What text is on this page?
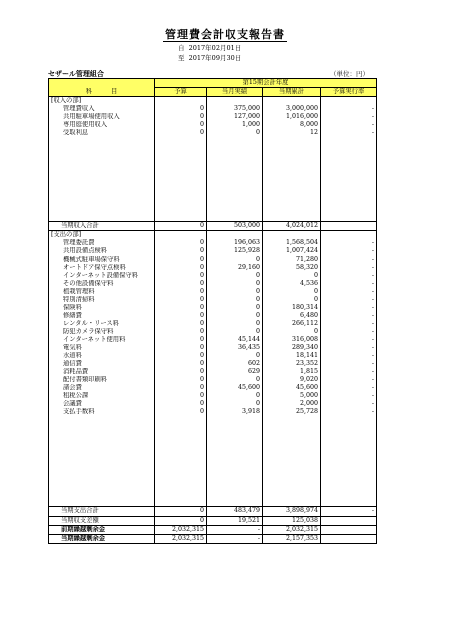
管理費会計収支報告書
自 2017年02月01日
至 2017年09月30日
セザール管理組合	（単位：円）
	第15期会計年度			
科　　　目	予算	当月実績	当期累計	予算実行率
[収入の部]				
管理費収入	0	375,000	3,000,000	-
共用駐車場使用収入	0	127,000	1,016,000	-
専用庭使用収入	0	1,000	8,000	-
受取利息	0	0	12	-

当期収入合計	0	503,000	4,024,012	
[支出の部]				
管理委託費	0	196,063	1,568,504	-
共用設備点検料	0	125,928	1,007,424	-
機械式駐車場保守料	0	0	71,280	-
オートドア保守点検料	0	29,160	58,320	-
インターネット設備保守料	0	0	0	-
その他設備保守料	0	0	4,536	-
植栽管理料	0	0	0	-
特別清掃料	0	0	0	-
保険料	0	0	180,314	-
修繕費	0	0	6,480	-
レンタル・リース料	0	0	266,112	-
防犯カメラ保守料	0	0	0	-
インターネット使用料	0	45,144	316,008	-
電気料	0	36,435	289,340	-
水道料	0	0	18,141	-
通信費	0	602	23,352	-
消耗品費	0	629	1,815	-
配付書類印刷料	0	0	9,020	-
諸会費	0	45,600	45,600	-
租税公課	0	0	5,000	-
会議費	0	0	2,000	-
支払手数料	0	3,918	25,728	-

当期支出合計	0	483,479	3,898,974	-
当期収支差額	0	19,521	125,038	
前期繰越剰余金	2,032,315	-	2,032,315	
当期繰越剰余金	2,032,315	-	2,157,353	
